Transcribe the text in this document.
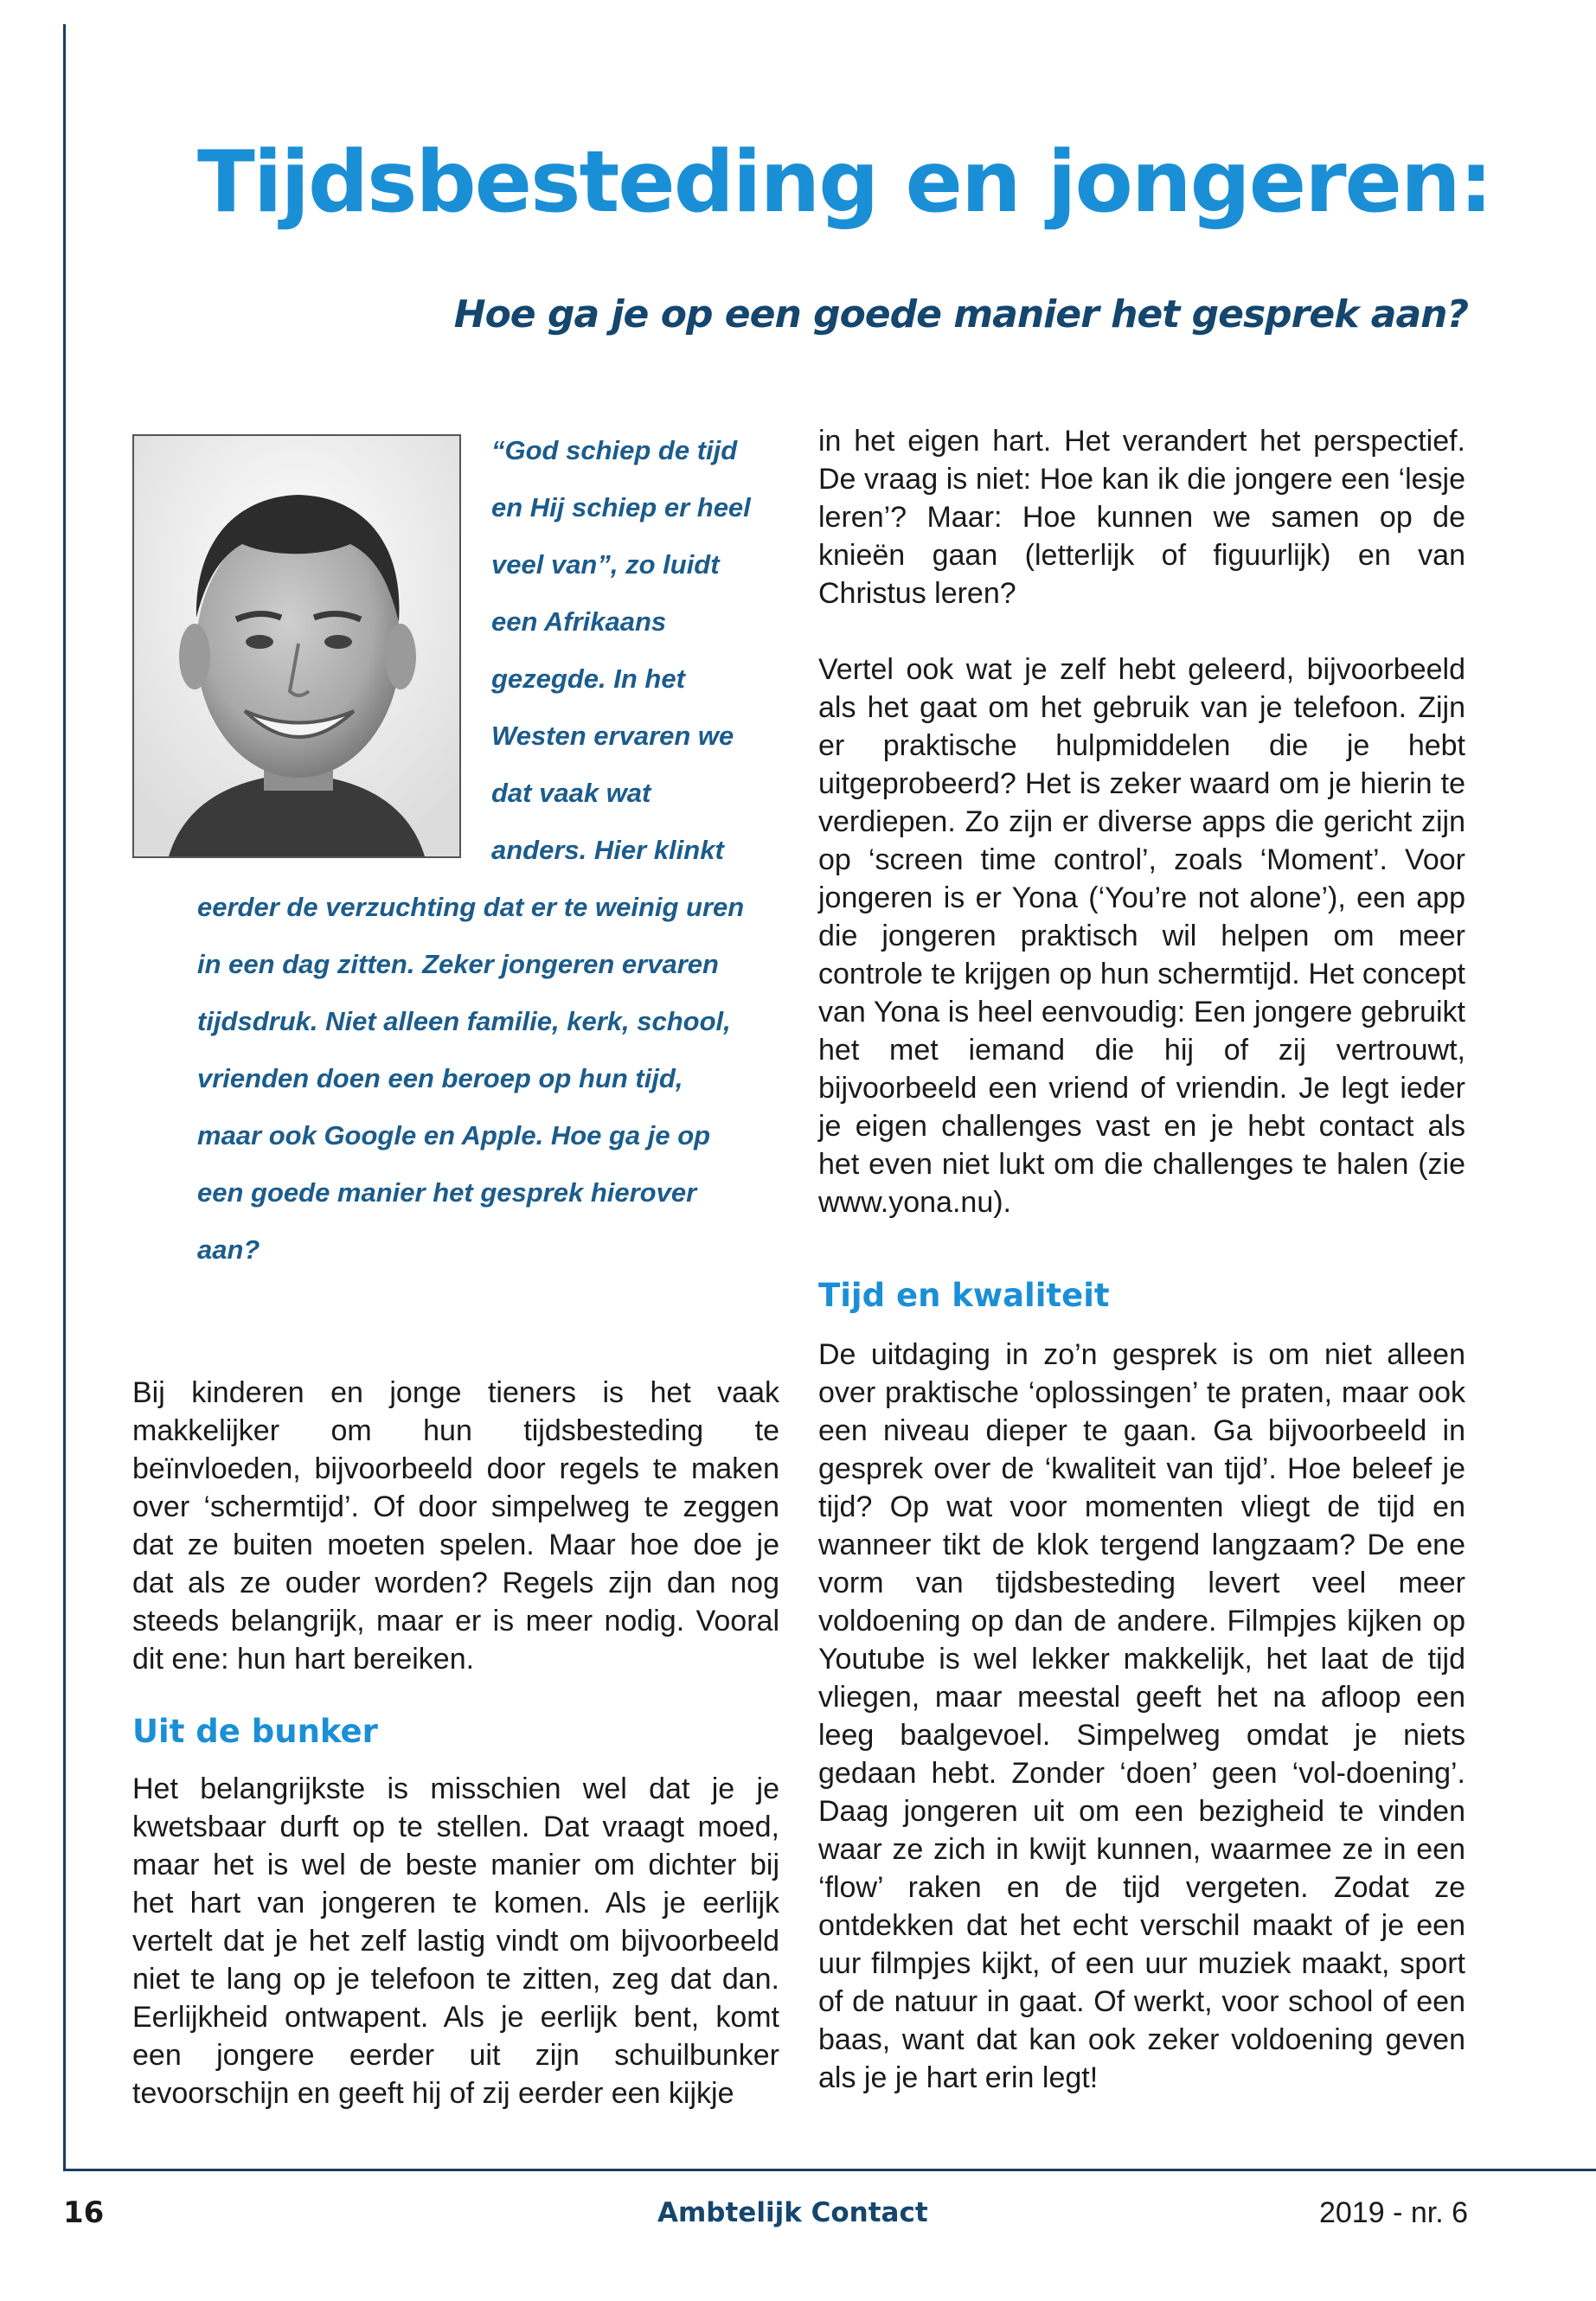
Tijdsbesteding en jongeren:
Hoe ga je op een goede manier het gesprek aan?

“God schiep de tijd en Hij schiep er heel veel van”, zo luidt een Afrikaans gezegde. In het Westen ervaren we dat vaak wat anders. Hier klinkt eerder de verzuchting dat er te weinig uren in een dag zitten. Zeker jongeren ervaren tijdsdruk. Niet alleen familie, kerk, school, vrienden doen een beroep op hun tijd, maar ook Google en Apple. Hoe ga je op een goede manier het gesprek hierover aan?

Bij kinderen en jonge tieners is het vaak makkelijker om hun tijdsbesteding te beïnvloeden, bijvoorbeeld door regels te maken over ‘schermtijd’. Of door simpelweg te zeggen dat ze buiten moeten spelen. Maar hoe doe je dat als ze ouder worden? Regels zijn dan nog steeds belangrijk, maar er is meer nodig. Vooral dit ene: hun hart bereiken.

Uit de bunker

Het belangrijkste is misschien wel dat je je kwetsbaar durft op te stellen. Dat vraagt moed, maar het is wel de beste manier om dichter bij het hart van jongeren te komen. Als je eerlijk vertelt dat je het zelf lastig vindt om bijvoorbeeld niet te lang op je telefoon te zitten, zeg dat dan. Eerlijkheid ontwapent. Als je eerlijk bent, komt een jongere eerder uit zijn schuilbunker tevoorschijn en geeft hij of zij eerder een kijkje

in het eigen hart. Het verandert het perspectief. De vraag is niet: Hoe kan ik die jongere een ‘lesje leren’? Maar: Hoe kunnen we samen op de knieën gaan (letterlijk of figuurlijk) en van Christus leren?

Vertel ook wat je zelf hebt geleerd, bijvoorbeeld als het gaat om het gebruik van je telefoon. Zijn er praktische hulpmiddelen die je hebt uitgeprobeerd? Het is zeker waard om je hierin te verdiepen. Zo zijn er diverse apps die gericht zijn op ‘screen time control’, zoals ‘Moment’. Voor jongeren is er Yona (‘You’re not alone’), een app die jongeren praktisch wil helpen om meer controle te krijgen op hun schermtijd. Het concept van Yona is heel eenvoudig: Een jongere gebruikt het met iemand die hij of zij vertrouwt, bijvoorbeeld een vriend of vriendin. Je legt ieder je eigen challenges vast en je hebt contact als het even niet lukt om die challenges te halen (zie www.yona.nu).

Tijd en kwaliteit

De uitdaging in zo’n gesprek is om niet alleen over praktische ‘oplossingen’ te praten, maar ook een niveau dieper te gaan. Ga bijvoorbeeld in gesprek over de ‘kwaliteit van tijd’. Hoe beleef je tijd? Op wat voor momenten vliegt de tijd en wanneer tikt de klok tergend langzaam? De ene vorm van tijdsbesteding levert veel meer voldoening op dan de andere. Filmpjes kijken op Youtube is wel lekker makkelijk, het laat de tijd vliegen, maar meestal geeft het na afloop een leeg baalgevoel. Simpelweg omdat je niets gedaan hebt. Zonder ‘doen’ geen ‘vol-doening’. Daag jongeren uit om een bezigheid te vinden waar ze zich in kwijt kunnen, waarmee ze in een ‘flow’ raken en de tijd vergeten. Zodat ze ontdekken dat het echt verschil maakt of je een uur filmpjes kijkt, of een uur muziek maakt, sport of de natuur in gaat. Of werkt, voor school of een baas, want dat kan ook zeker voldoening geven als je je hart erin legt!

16	Ambtelijk Contact	2019 - nr. 6
